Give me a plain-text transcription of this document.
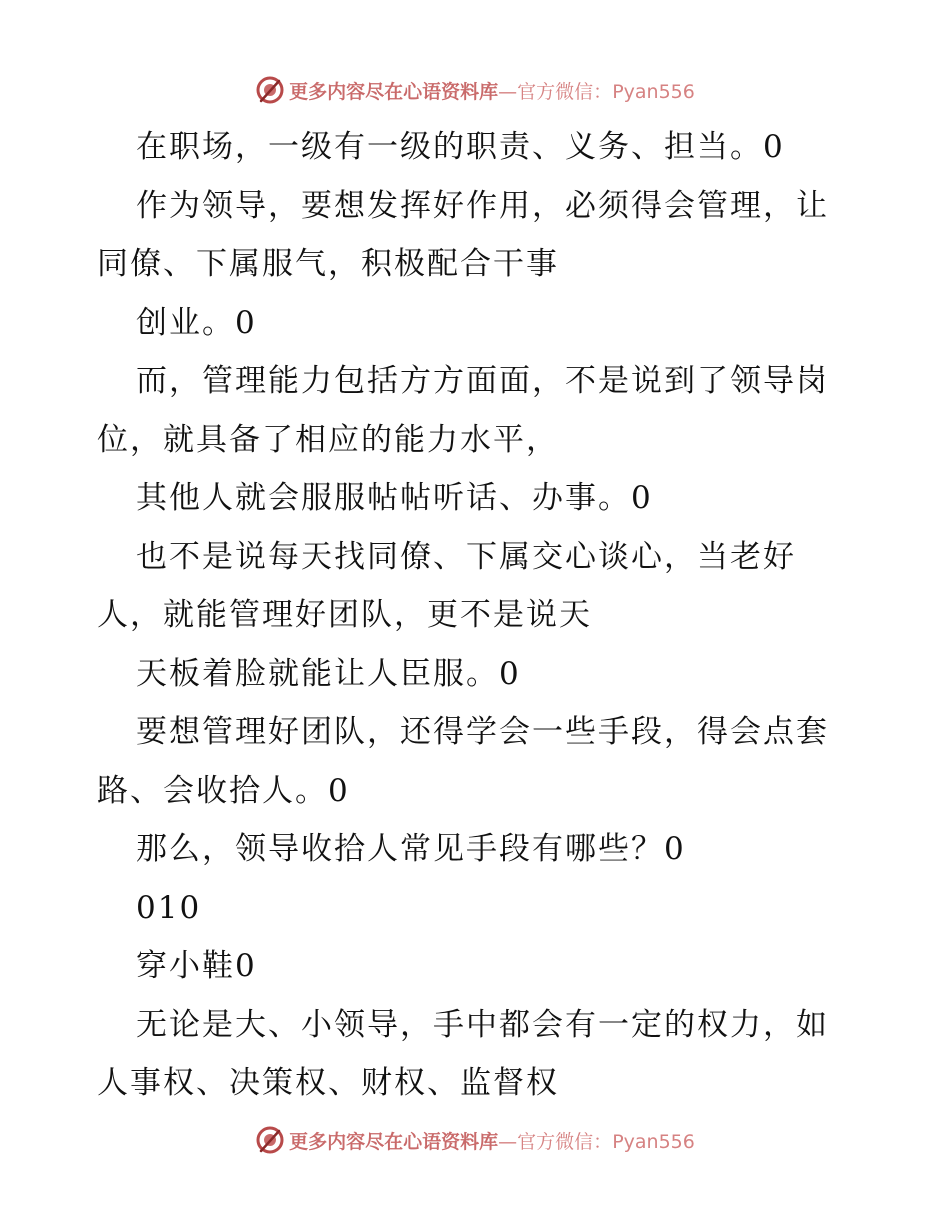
更多内容尽在心语资料库—官方微信：Pyan556
在职场，一级有一级的职责、义务、担当。0
作为领导，要想发挥好作用，必须得会管理，让
同僚、下属服气，积极配合干事
创业。0
而，管理能力包括方方面面，不是说到了领导岗
位，就具备了相应的能力水平，
其他人就会服服帖帖听话、办事。0
也不是说每天找同僚、下属交心谈心，当老好
人，就能管理好团队，更不是说天
天板着脸就能让人臣服。0
要想管理好团队，还得学会一些手段，得会点套
路、会收拾人。0
那么，领导收拾人常见手段有哪些？0
010
穿小鞋0
无论是大、小领导，手中都会有一定的权力，如
人事权、决策权、财权、监督权
更多内容尽在心语资料库—官方微信：Pyan556
